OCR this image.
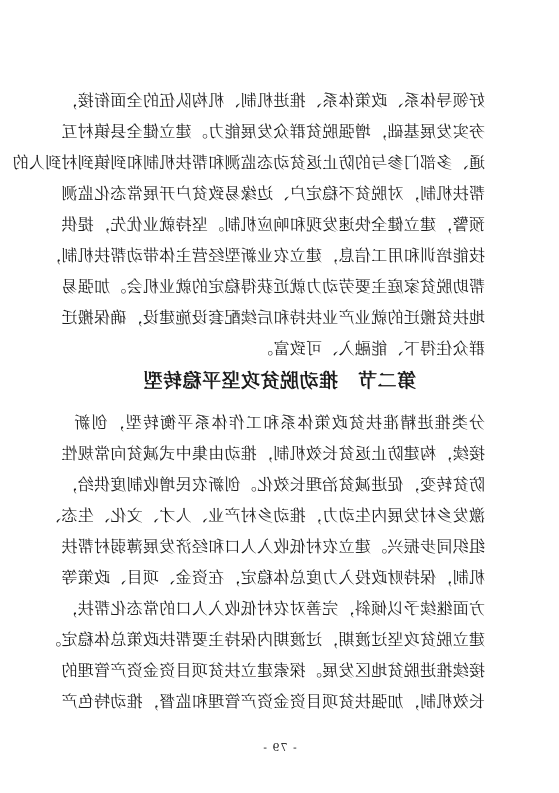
好领导体系、政策体系、推进机制、机构队伍的全面衔接，
夯实发展基础，增强脱贫群众发展能力。建立健全县镇村互
通、多部门参与的防止返贫动态监测和帮扶机制和到镇到村到人的
帮扶机制，对脱贫不稳定户、边缘易致贫户开展常态化监测
预警，建立健全快速发现和响应机制。坚持就业优先，提供
技能培训和用工信息，建立农业新型经营主体带动帮扶机制，
帮助脱贫家庭主要劳动力就近获得稳定的就业机会。加强易
地扶贫搬迁的就业产业扶持和后续配套设施建设，确保搬迁
群众住得下、能融入、可致富。
第二节　推动脱贫攻坚平稳转型
分类推进精准扶贫政策体系和工作体系平衡转型，创新
接续，构建防止返贫长效机制，推动由集中式减贫向常规性
防贫转变，促进减贫治理长效化。创新农民增收制度供给，
激发乡村发展内生动力，推动乡村产业、人才、文化、生态、
组织同步振兴。建立农村低收入人口和经济发展薄弱村帮扶
机制，保持财政投入力度总体稳定，在资金、项目、政策等
方面继续予以倾斜，完善对农村低收入人口的常态化帮扶，
建立脱贫攻坚过渡期，过渡期内保持主要帮扶政策总体稳定。
接续推进脱贫地区发展。探索建立扶贫项目资金资产管理的
长效机制，加强扶贫项目资金资产管理和监督，推动特色产

- 79 -
